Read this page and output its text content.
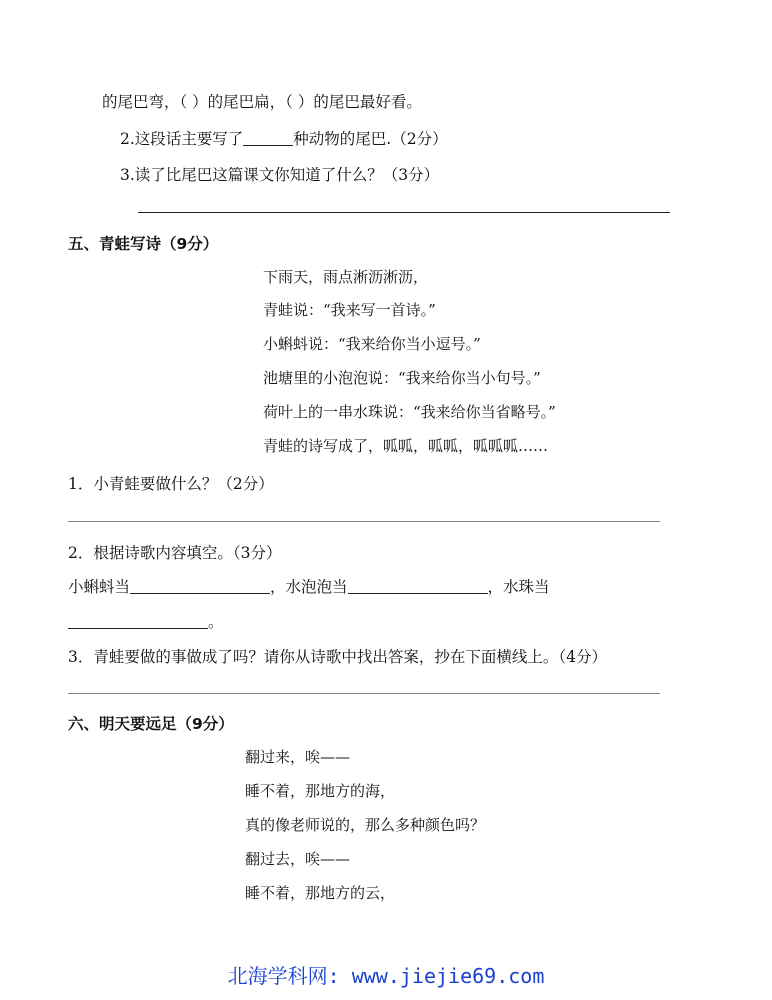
的尾巴弯，（ ）的尾巴扁，（ ）的尾巴最好看。
2.这段话主要写了	种动物的尾巴.（2分）
3.读了比尾巴这篇课文你知道了什么？（3分）
五、青蛙写诗（9分）
下雨天，雨点淅沥淅沥，
青蛙说：“我来写一首诗。”
小蝌蚪说：“我来给你当小逗号。”
池塘里的小泡泡说：“我来给你当小句号。”
荷叶上的一串水珠说：“我来给你当省略号。”
青蛙的诗写成了，呱呱，呱呱，呱呱呱……
1．小青蛙要做什么？（2分）
2．根据诗歌内容填空。（3分）
小蝌蚪当	，水泡泡当	，水珠当
。
3．青蛙要做的事做成了吗？请你从诗歌中找出答案，抄在下面横线上。（4分）
六、明天要远足（9分）
翻过来，唉——
睡不着，那地方的海，
真的像老师说的，那么多种颜色吗？
翻过去，唉——
睡不着，那地方的云，
北海学科网: www.jiejie69.com
